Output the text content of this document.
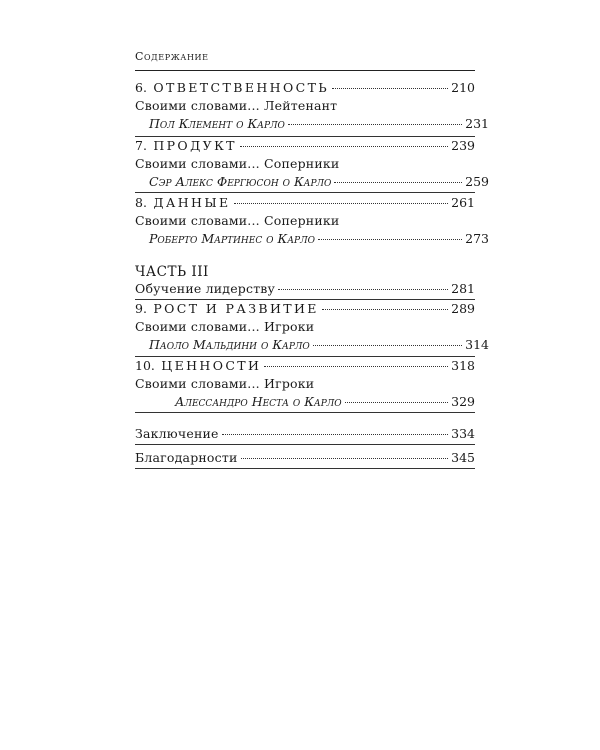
Содержание
6. ОТВЕТСТВЕННОСТЬ	210
Своими словами... Лейтенант
Пол Клемент о Карло	231
7. ПРОДУКТ	239
Своими словами... Соперники
Сэр Алекс Фергюсон о Карло	259
8. ДАННЫЕ	261
Своими словами... Соперники
Роберто Мартинес о Карло	273
ЧАСТЬ III
Обучение лидерству	281
9. РОСТ И РАЗВИТИЕ	289
Своими словами... Игроки
Паоло Мальдини о Карло	314
10. ЦЕННОСТИ	318
Своими словами... Игроки
Алессандро Неста о Карло	329
Заключение	334
Благодарности	345
